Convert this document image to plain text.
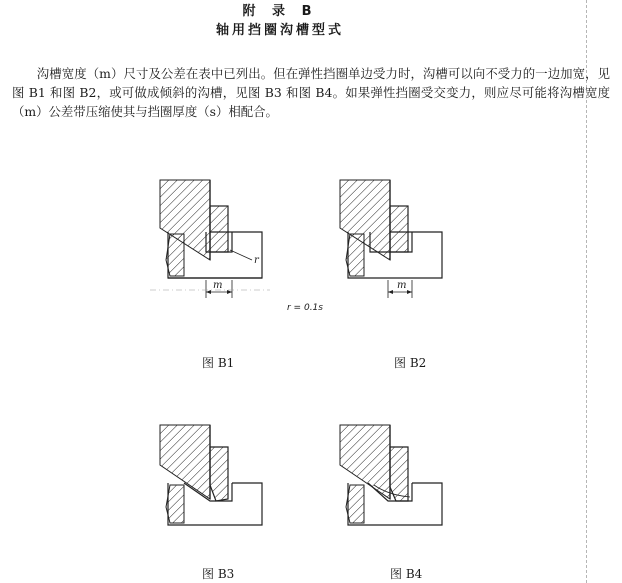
附 录 B
轴用挡圈沟槽型式

沟槽宽度（m）尺寸及公差在表中已列出。但在弹性挡圈单边受力时，沟槽可以向不受力的一边加宽，见图 B1 和图 B2，或可做成倾斜的沟槽，见图 B3 和图 B4。如果弹性挡圈受交变力，则应尽可能将沟槽宽度（m）公差带压缩使其与挡圈厚度（s）相配合。

m
r
图 B1
r = 0.1s
m
图 B2
图 B3	图 B4
